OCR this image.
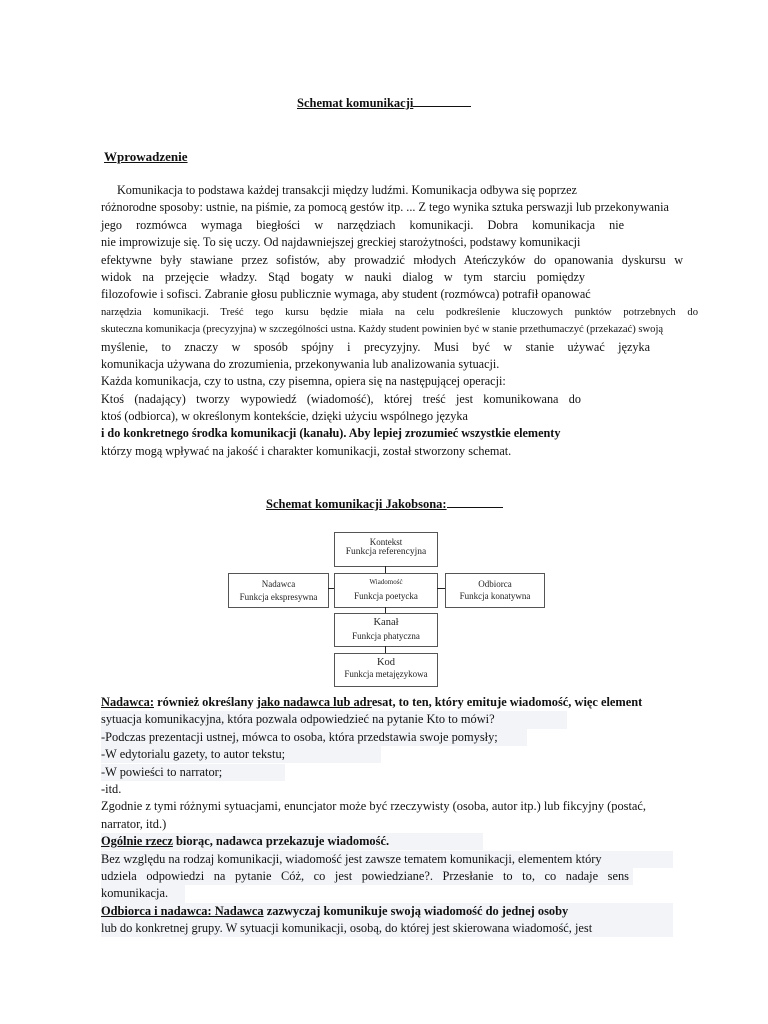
Schemat komunikacji
Wprowadzenie
Komunikacja to podstawa każdej transakcji między ludźmi. Komunikacja odbywa się poprzez
różnorodne sposoby: ustnie, na piśmie, za pomocą gestów itp. ... Z tego wynika sztuka perswazji lub przekonywania
jego rozmówca wymaga biegłości w narzędziach komunikacji. Dobra komunikacja nie
nie improwizuje się. To się uczy. Od najdawniejszej greckiej starożytności, podstawy komunikacji
efektywne były stawiane przez sofistów, aby prowadzić młodych Ateńczyków do opanowania dyskursu w
widok na przejęcie władzy. Stąd bogaty w nauki dialog w tym starciu pomiędzy
filozofowie i sofisci. Zabranie głosu publicznie wymaga, aby student (rozmówca) potrafił opanować
narzędzia komunikacji. Treść tego kursu będzie miała na celu podkreślenie kluczowych punktów potrzebnych do
skuteczna komunikacja (precyzyjna) w szczególności ustna. Każdy student powinien być w stanie przethumaczyć (przekazać) swoją
myślenie, to znaczy w sposób spójny i precyzyjny. Musi być w stanie używać języka
komunikacja używana do zrozumienia, przekonywania lub analizowania sytuacji.
Każda komunikacja, czy to ustna, czy pisemna, opiera się na następującej operacji:
Ktoś (nadający) tworzy wypowiedź (wiadomość), której treść jest komunikowana do
ktoś (odbiorca), w określonym kontekście, dzięki użyciu wspólnego języka
i do konkretnego środka komunikacji (kanału). Aby lepiej zrozumieć wszystkie elementy
którzy mogą wpływać na jakość i charakter komunikacji, został stworzony schemat.
Schemat komunikacji Jakobsona:
Kontekst
Funkcja referencyjna
Nadawca
Funkcja ekspresywna
Wiadomość
Funkcja poetycka
Odbiorca
Funkcja konatywna
Kanał
Funkcja phatyczna
Kod
Funkcja metajęzykowa
Nadawca: również określany jako nadawca lub adresat, to ten, który emituje wiadomość, więc element
sytuacja komunikacyjna, która pozwala odpowiedzieć na pytanie Kto to mówi?
-Podczas prezentacji ustnej, mówca to osoba, która przedstawia swoje pomysły;
-W edytorialu gazety, to autor tekstu;
-W powieści to narrator;
-itd.
Zgodnie z tymi różnymi sytuacjami, enuncjator może być rzeczywisty (osoba, autor itp.) lub fikcyjny (postać,
narrator, itd.)
Ogólnie rzecz biorąc, nadawca przekazuje wiadomość.
Bez względu na rodzaj komunikacji, wiadomość jest zawsze tematem komunikacji, elementem który
udziela odpowiedzi na pytanie Cóż, co jest powiedziane?. Przesłanie to to, co nadaje sens
komunikacja.
Odbiorca i nadawca: Nadawca zazwyczaj komunikuje swoją wiadomość do jednej osoby
lub do konkretnej grupy. W sytuacji komunikacji, osobą, do której jest skierowana wiadomość, jest
